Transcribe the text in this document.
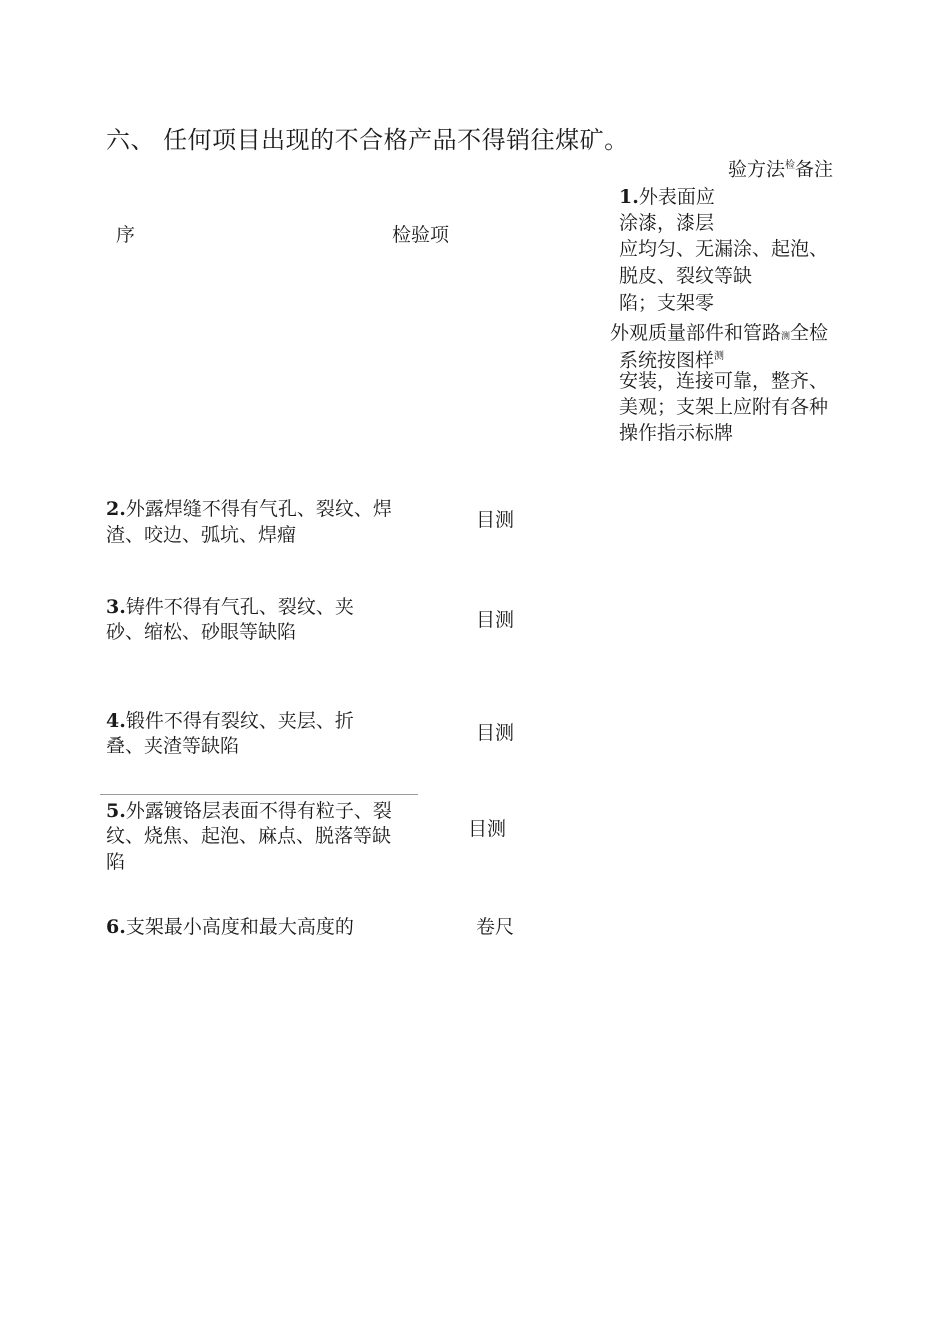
六、 任何项目出现的不合格产品不得销往煤矿。
验方法$^检$备注
序	检验项
1.外表面应
涂漆，漆层
应均匀、无漏涂、起泡、
脱皮、裂纹等缺
陷；支架零
外观质量部件和管路测全检
系统按图样$^测$
安装，连接可靠，整齐、
美观；支架上应附有各种
操作指示标牌
2.外露焊缝不得有气孔、裂纹、焊
渣、咬边、弧坑、焊瘤
目测
3.铸件不得有气孔、裂纹、夹
砂、缩松、砂眼等缺陷
目测
4.锻件不得有裂纹、夹层、折
叠、夹渣等缺陷
目测
5.外露镀铬层表面不得有粒子、裂
纹、烧焦、起泡、麻点、脱落等缺
陷
目测
6.支架最小高度和最大高度的	卷尺
